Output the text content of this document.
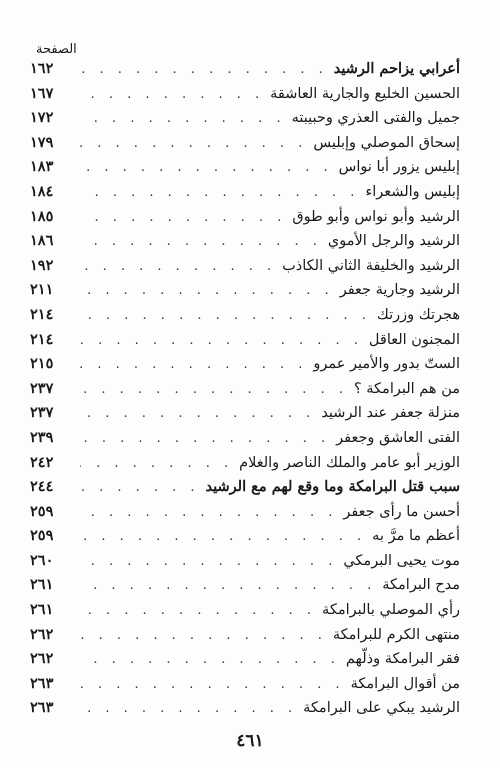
الصفحة
أعرابي يزاحم الرشيد
. . .
١٦٢
الحسين الخليع والجارية العاشقة
. . .
١٦٧
جميل والفتى العذري وحبيبته
. . .
١٧٢
إسحاق الموصلي وإبليس
. . .
١٧٩
إبليس يزور أبا نواس
. . .
١٨٣
إبليس والشعراء
. . .
١٨٤
الرشيد وأبو نواس وأبو طوق
. . .
١٨٥
الرشيد والرجل الأموي
. . .
١٨٦
الرشيد والخليفة الثاني الكاذب
. . .
١٩٢
الرشيد وجارية جعفر
. . .
٢١١
هجرتك وزرتك
. . .
٢١٤
المجنون العاقل
. . .
٢١٤
الستّ بدور والأمير عمرو
. . .
٢١٥
من هم البرامكة ؟
. . .
٢٣٧
منزلة جعفر عند الرشيد
. . .
٢٣٧
الفتى العاشق وجعفر
. . .
٢٣٩
الوزير أبو عامر والملك الناصر والغلام
. . .
٢٤٢
سبب قتل البرامكة وما وقع لهم مع الرشيد
. . .
٢٤٤
أحسن ما رأى جعفر
. . .
٢٥٩
أعظم ما مرَّ به
. . .
٢٥٩
موت يحيى البرمكي
. . .
٢٦٠
مدح البرامكة
. . .
٢٦١
رأي الموصلي بالبرامكة
. . .
٢٦١
منتهى الكرم للبرامكة
. . .
٢٦٢
فقر البرامكة وذلّهم
. . .
٢٦٢
من أقوال البرامكة
. . .
٢٦٣
الرشيد يبكي على البرامكة
. . .
٢٦٣
٤٦١
